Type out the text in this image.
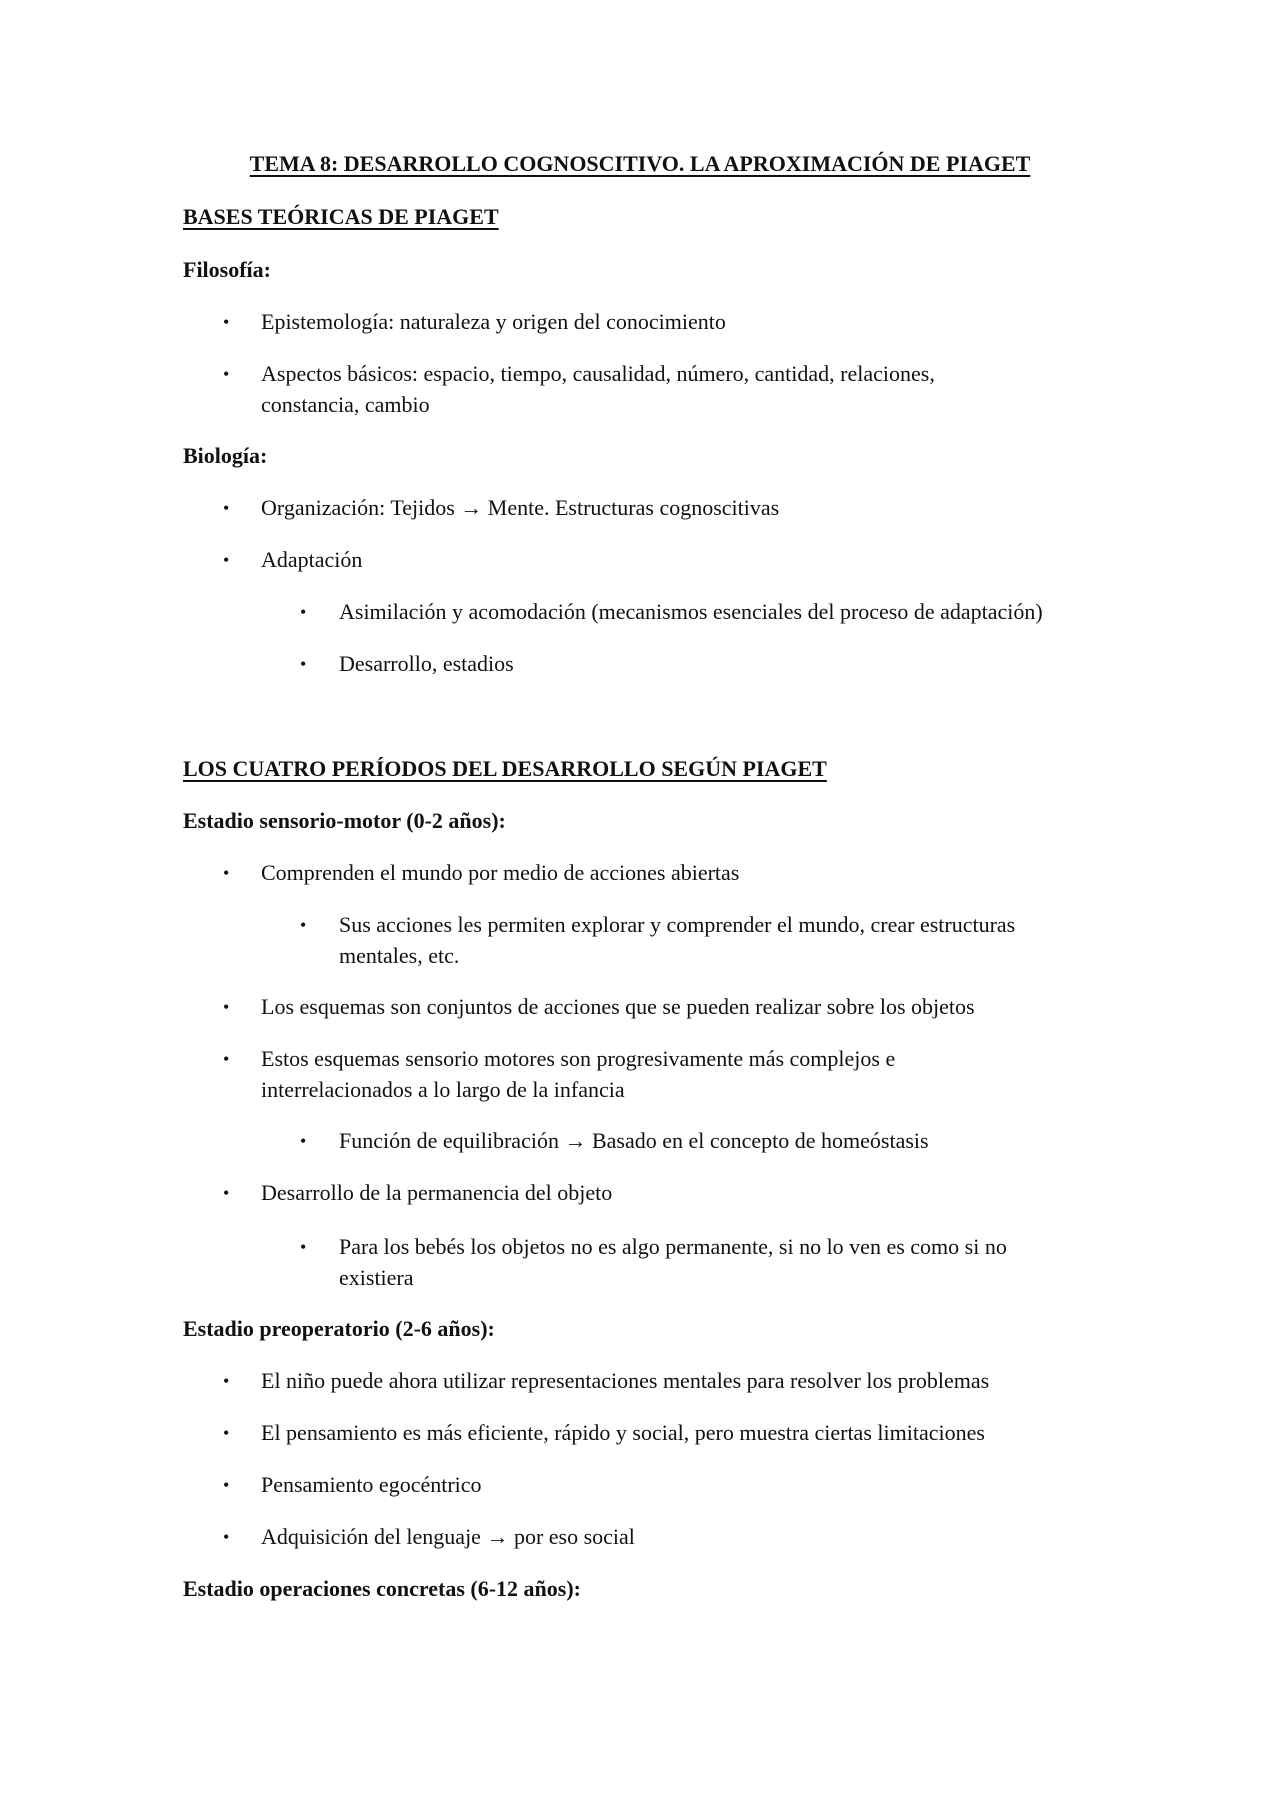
TEMA 8: DESARROLLO COGNOSCITIVO. LA APROXIMACIÓN DE PIAGET
BASES TEÓRICAS DE PIAGET
Filosofía:
• Epistemología: naturaleza y origen del conocimiento
• Aspectos básicos: espacio, tiempo, causalidad, número, cantidad, relaciones,
constancia, cambio
Biología:
• Organización: Tejidos → Mente. Estructuras cognoscitivas
• Adaptación
• Asimilación y acomodación (mecanismos esenciales del proceso de adaptación)
• Desarrollo, estadios
LOS CUATRO PERÍODOS DEL DESARROLLO SEGÚN PIAGET
Estadio sensorio-motor (0-2 años):
• Comprenden el mundo por medio de acciones abiertas
• Sus acciones les permiten explorar y comprender el mundo, crear estructuras
mentales, etc.
• Los esquemas son conjuntos de acciones que se pueden realizar sobre los objetos
• Estos esquemas sensorio motores son progresivamente más complejos e
interrelacionados a lo largo de la infancia
• Función de equilibración → Basado en el concepto de homeóstasis
• Desarrollo de la permanencia del objeto
• Para los bebés los objetos no es algo permanente, si no lo ven es como si no
existiera
Estadio preoperatorio (2-6 años):
• El niño puede ahora utilizar representaciones mentales para resolver los problemas
• El pensamiento es más eficiente, rápido y social, pero muestra ciertas limitaciones
• Pensamiento egocéntrico
• Adquisición del lenguaje → por eso social
Estadio operaciones concretas (6-12 años):
